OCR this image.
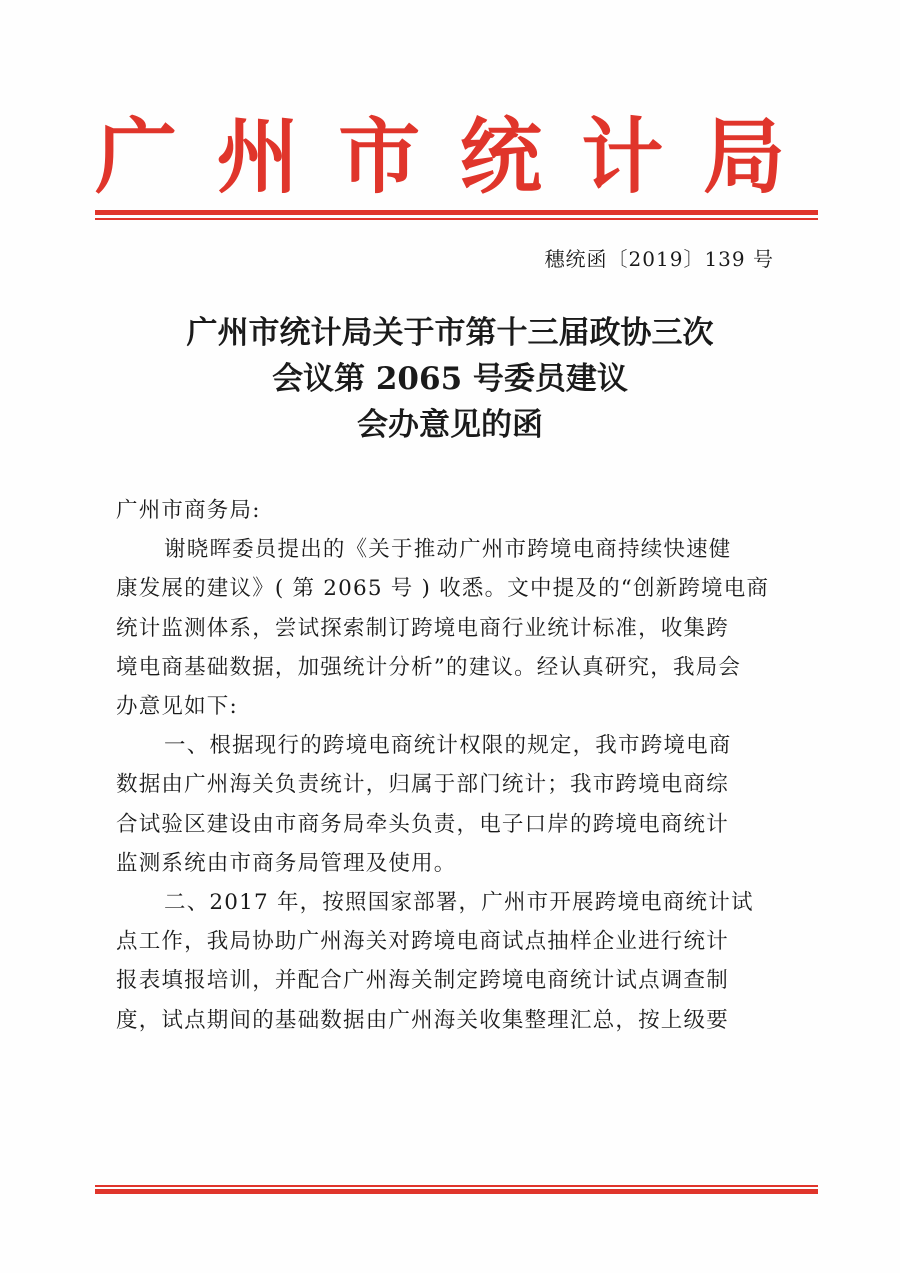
广 州 市 统 计 局
穗统函〔2019〕139 号
广州市统计局关于市第十三届政协三次
会议第 2065 号委员建议
会办意见的函

广州市商务局:

谢晓晖委员提出的《关于推动广州市跨境电商持续快速健

康发展的建议》( 第 2065 号 ) 收悉。文中提及的“创新跨境电商

统计监测体系，尝试探索制订跨境电商行业统计标准，收集跨

境电商基础数据，加强统计分析”的建议。经认真研究，我局会

办意见如下:

一、根据现行的跨境电商统计权限的规定，我市跨境电商

数据由广州海关负责统计，归属于部门统计；我市跨境电商综

合试验区建设由市商务局牵头负责，电子口岸的跨境电商统计

监测系统由市商务局管理及使用。

二、2017 年，按照国家部署，广州市开展跨境电商统计试

点工作，我局协助广州海关对跨境电商试点抽样企业进行统计

报表填报培训，并配合广州海关制定跨境电商统计试点调查制

度，试点期间的基础数据由广州海关收集整理汇总，按上级要
